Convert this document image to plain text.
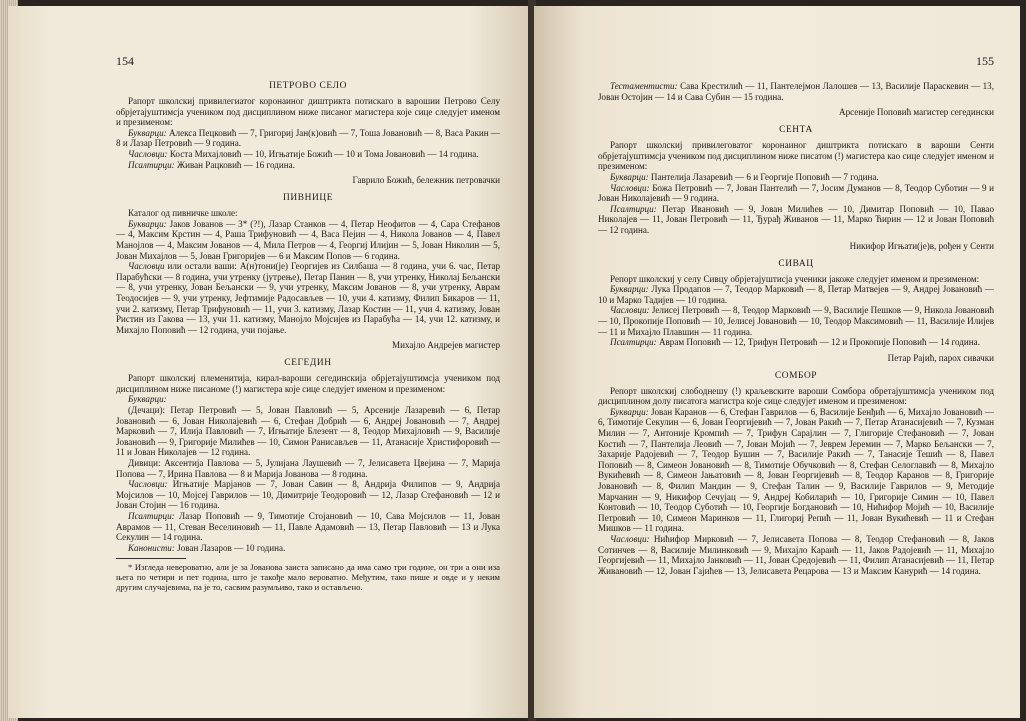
154
ПЕТРОВО СЕЛО

Рапорт школскиј привилегиатог коронаиног диштрикта потискаго в варошии Петрово Селу обрјетајуштимсја учеником под дисциплином ниже писаног магистера које сице следујет именом и презименом:

Букварци: Алекса Пецковић — 7, Григориј Јан(к)овић — 7, Тоша Јовановић — 8, Васа Ракин — 8 и Лазар Петровић — 9 година.

Часловци: Коста Михајловић — 10, Игњатије Божић — 10 и Тома Јовановић — 14 година.

Псалтирци: Живан Рацковић — 16 година.

Гаврило Божић, бележник петровачки
ПИВНИЦЕ

Каталог од пивничке школе:

Букварци: Јаков Јованов — 3* (?!), Лазар Станков — 4, Петар Неофитов — 4, Сара Стефанов — 4, Максим Крстин — 4, Раша Трифуновић — 4, Васа Пејин — 4, Никола Јованов — 4, Павел Манојлов — 4, Максим Јованов — 4, Мила Петров — 4, Георгиј Илијин — 5, Јован Николин — 5, Јован Михајлов — 5, Јован Григоријев — 6 и Максим Попов — 6 година.

Часловци или остали ваши: А(н)тони(је) Георгијев из Силбаша — 8 година, учи 6. час, Петар Парабућски — 8 година, учи утренку (јутрење), Петар Панин — 8, учи утренку, Николај Бељански — 8, учи утренку, Јован Бељански — 9, учи утренку, Максим Јованов — 8, учи утренку, Аврам Теодосијев — 9, учи утренку, Јефтимије Радосављев — 10, учи 4. катизму, Филип Бикаров — 11, учи 2. катизму, Петар Трифуновић — 11, учи 3. катизму, Лазар Костин — 11, учи 4. катизму, Јован Ристин из Гакова — 13, учи 11. катизму, Манојло Мојсијев из Парабућа — 14, учи 12. катизму, и Михајло Поповић — 12 година, учи појање.

Михајло Андрејев магистер
СЕГЕДИН

Рапорт школскиј племенитија, кирал-вароши сегединскија обрјетајуштимсја учеником под дисциплином ниже писаноме (!) магистера које сице следујет именом и презименом:

Букварци:

(Дечаци): Петар Петровић — 5, Јован Павловић — 5, Арсеније Лазаревић — 6, Петар Јовановић — 6, Јован Николајевић — 6, Стефан Добрић — 6, Андреј Јовановић — 7, Андреј Марковић — 7, Илија Павловић — 7, Игњатије Блезент — 8, Теодор Михајловић — 9, Василије Јовановић — 9, Григорије Милићев — 10, Симон Ранисављев — 11, Атанасије Христифоровић — 11 и Јован Николајев — 12 година.

Дивици: Аксентија Павлова — 5, Јулијана Лаушевић — 7, Јелисавета Цвејина — 7, Марија Попова — 7, Ирина Павлова — 8 и Марија Јованова — 8 година.

Часловци: Игњатије Марјанов — 7, Јован Савин — 8, Андрија Филипов — 9, Андрија Мојсилов — 10, Мојсеј Гаврилов — 10, Димитрије Теодоровић — 12, Лазар Стефановић — 12 и Јован Стојин — 16 година.

Псалтирци: Лазар Поповић — 9, Тимотије Стојановић — 10, Сава Мојсилов — 11, Јован Аврамов — 11, Стеван Веселиновић — 11, Павле Адамовић — 13, Петар Павловић — 13 и Лука Секулин — 14 година.

Канонисти: Јован Лазаров — 10 година.

* Изгледа невероватно, али је за Јованова заиста записано да има само три године, он три а они иза њега по четири и пет година, што је такође мало вероватно. Међутим, тако пише и овде и у неким другим случајевима, па је то, сасвим разумљиво, тако и остављено.

155

Тестаментисти: Сава Крестилић — 11, Пантелејмон Лалошев — 13, Василије Параскевин — 13, Јован Остојин — 14 и Сава Субин — 15 година.

Арсеније Поповић магистер сегедински
СЕНТА

Рапорт школскиј привилеговатог коронаиног диштрикта потискаго в вароши Сенти обрјетајуштимсја учеником под дисциплином ниже писатом (!) магистера као сице следујет именом и презименом:

Букварци: Пантелија Лазаревић — 6 и Георгије Поповић — 7 година.

Часловци: Божа Петровић — 7, Јован Пантелић — 7, Јосим Думанов — 8, Теодор Суботин — 9 и Јован Николајевић — 9 година.

Псалтирци: Петар Ивановић — 9, Јован Милићев — 10, Димитар Поповић — 10, Павао Николајев — 11, Јован Петровић — 11, Ђурађ Живанов — 11, Марко Ћирин — 12 и Јован Поповић — 12 година.

Никифор Игњати(је)в, рођен у Сенти
СИВАЦ

Репорт школскиј у селу Сивцу обрјетајуштисја ученики јакоже следујет именом и презименом:

Букварци: Лука Продапов — 7, Теодор Марковић — 8, Петар Матвејев — 9, Андреј Јовановић — 10 и Марко Тадијев — 10 година.

Часловци: Јелисеј Петровић — 8, Теодор Марковић — 9, Василије Пешков — 9, Никола Јовановић — 10, Прокопије Поповић — 10, Јелисеј Јовановић — 10, Теодор Максимовић — 11, Василије Илијев — 11 и Михајло Плавшин — 11 година.

Псалтирци: Аврам Поповић — 12, Трифун Петровић — 12 и Прокопије Поповић — 14 година.

Петар Рајић, парох сивачки
СОМБОР

Репорт школскиј слободнешу (!) краљевските вароши Сомбора обретајуштимсја учеником под дисциплином долу писатога магистра које сице следујет именом и презименом:

Букварци: Јован Каранов — 6, Стефан Гаврилов — 6, Василије Бенђић — 6, Михајло Јовановић — 6, Тимотије Секулин — 6, Јован Георгијевић — 7, Јован Ракић — 7, Петар Атанасијевић — 7, Кузман Милин — 7, Антоније Кромпић — 7, Трифун Сарајлин — 7, Глигорије Стефановић — 7, Јован Костић — 7, Пантелија Леовић — 7, Јован Мојић — 7, Јеврем Јеремин — 7, Марко Бељански — 7, Захарије Радојевић — 7, Теодор Бушин — 7, Василије Ракић — 7, Танасије Тешић — 8, Павел Поповић — 8, Симеон Јовановић — 8, Тимотије Обучковић — 8, Стефан Селоглавић — 8, Михајло Вукићевић — 8, Симеон Јањатовић — 8, Јован Георгијевић — 8, Теодор Каранов — 8, Григорије Јовановић — 8, Филип Мандин — 9, Стефан Талин — 9, Василије Гаврилов — 9, Методије Марчанин — 9, Никифор Сечујац — 9, Андреј Кобиларић — 10, Григорије Симин — 10, Павел Контовић — 10, Теодор Суботић — 10, Георгије Богдановић — 10, Нићифор Мојић — 10, Василије Петровић — 10, Симеон Маринков — 11, Глигориј Репић — 11, Јован Вукићевић — 11 и Стефан Мишков — 11 година.

Часловци: Нићифор Мирковић — 7, Јелисавета Попова — 8, Теодор Стефановић — 8, Јаков Сотинчев — 8, Василије Милинковић — 9, Михајло Караић — 11, Јаков Радојевић — 11, Михајло Георгијевић — 11, Михајло Јанковић — 11, Јован Средојевић — 11, Филип Атанасијевић — 11, Петар Живановић — 12, Јован Гајићев — 13, Јелисавета Рецарова — 13 и Максим Кануриħ — 14 година.
